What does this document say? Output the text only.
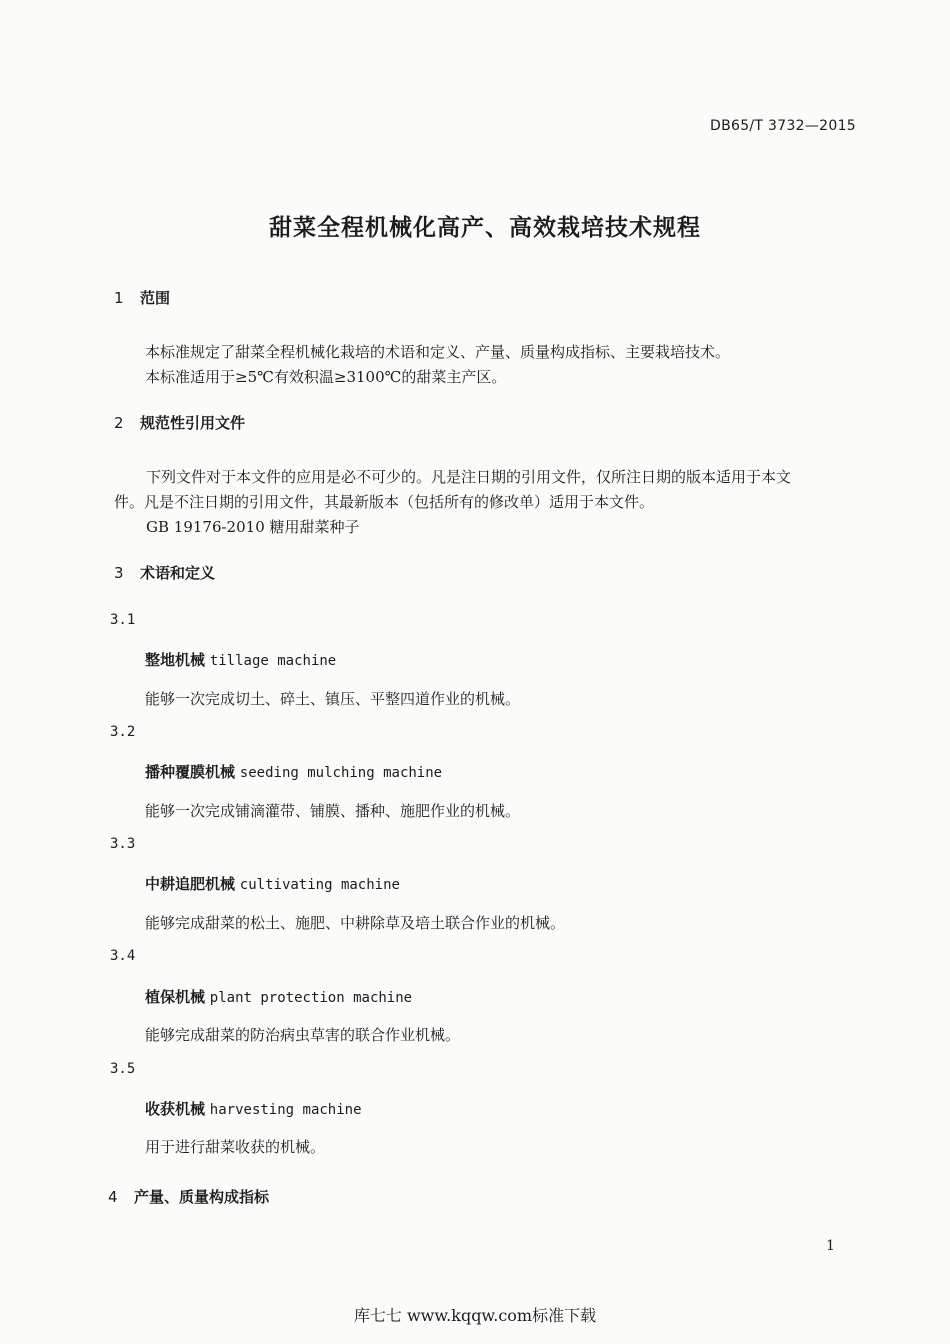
DB65/T 3732—2015
甜菜全程机械化高产、高效栽培技术规程
1 范围
本标准规定了甜菜全程机械化栽培的术语和定义、产量、质量构成指标、主要栽培技术。
本标准适用于≥5℃有效积温≥3100℃的甜菜主产区。
2 规范性引用文件
下列文件对于本文件的应用是必不可少的。凡是注日期的引用文件，仅所注日期的版本适用于本文
件。凡是不注日期的引用文件，其最新版本（包括所有的修改单）适用于本文件。
GB 19176-2010 糖用甜菜种子
3 术语和定义
3.1
整地机械 tillage machine
能够一次完成切土、碎土、镇压、平整四道作业的机械。
3.2
播种覆膜机械 seeding mulching machine
能够一次完成铺滴灌带、铺膜、播种、施肥作业的机械。
3.3
中耕追肥机械 cultivating machine
能够完成甜菜的松土、施肥、中耕除草及培土联合作业的机械。
3.4
植保机械 plant protection machine
能够完成甜菜的防治病虫草害的联合作业机械。
3.5
收获机械 harvesting machine
用于进行甜菜收获的机械。
4 产量、质量构成指标
1
库七七 www.kqqw.com标准下载
